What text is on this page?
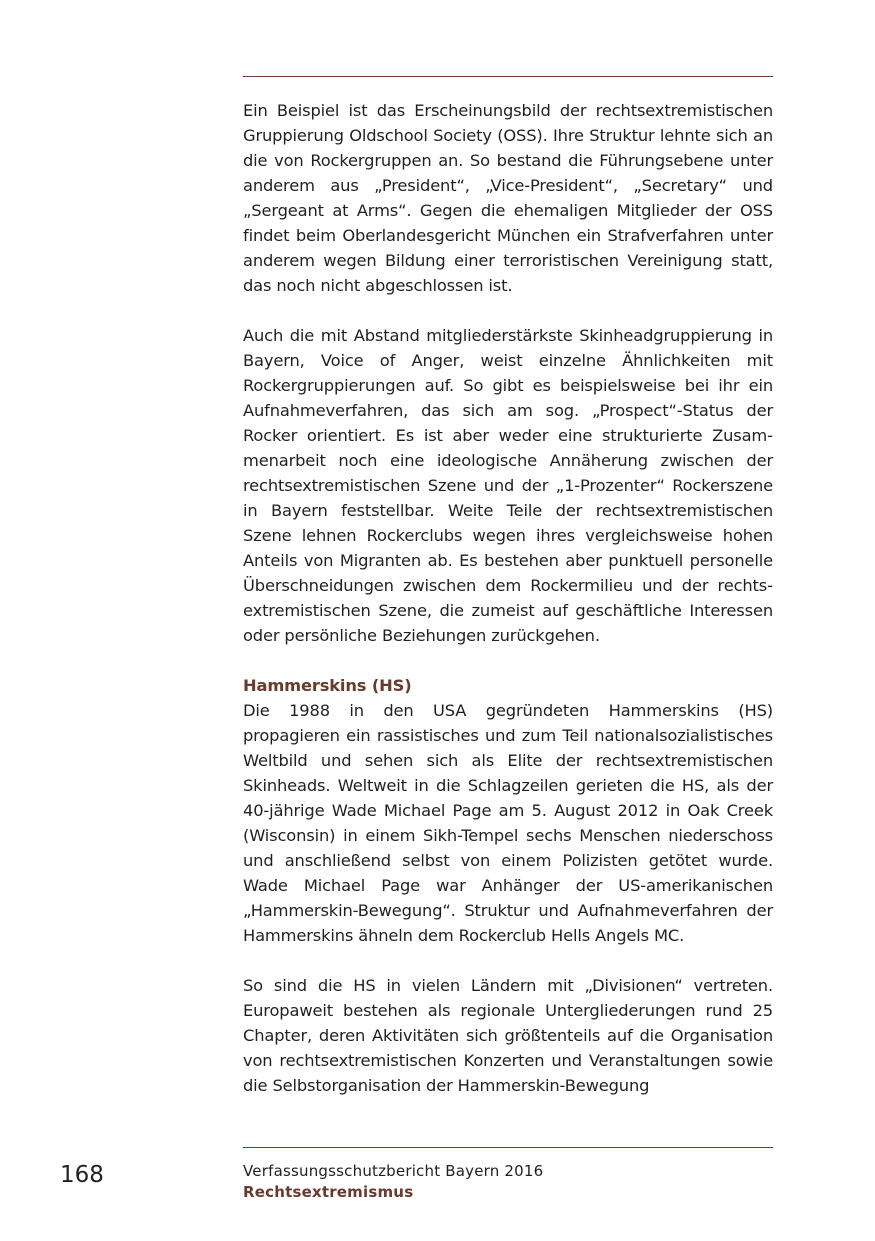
Ein Beispiel ist das Erscheinungsbild der rechtsextremistischen Gruppierung Oldschool Society (OSS). Ihre Struktur lehnte sich an die von Rockergruppen an. So bestand die Führungsebene unter anderem aus „President“, „Vice-President“, „Secretary“ und „Sergeant at Arms“. Gegen die ehemaligen Mitglieder der OSS findet beim Oberlandesgericht München ein Strafverfahren unter anderem wegen Bildung einer terroristischen Vereinigung statt, das noch nicht abgeschlossen ist.

Auch die mit Abstand mitgliederstärkste Skinheadgruppierung in Bayern, Voice of Anger, weist einzelne Ähnlichkeiten mit Rockergruppierungen auf. So gibt es beispielsweise bei ihr ein Aufnahmeverfahren, das sich am sog. „Prospect“-Status der Rocker orientiert. Es ist aber weder eine strukturierte Zusammenarbeit noch eine ideologische Annäherung zwischen der rechtsextremistischen Szene und der „1-Prozenter“ Rockerszene in Bayern feststellbar. Weite Teile der rechtsextremistischen Szene lehnen Rockerclubs wegen ihres vergleichsweise hohen Anteils von Migranten ab. Es bestehen aber punktuell personelle Überschneidungen zwischen dem Rockermilieu und der rechtsextremistischen Szene, die zumeist auf geschäftliche Interessen oder persönliche Beziehungen zurückgehen.

Hammerskins (HS)

Die 1988 in den USA gegründeten Hammerskins (HS) propagieren ein rassistisches und zum Teil nationalsozialistisches Weltbild und sehen sich als Elite der rechtsextremistischen Skinheads. Weltweit in die Schlagzeilen gerieten die HS, als der 40-jährige Wade Michael Page am 5. August 2012 in Oak Creek (Wisconsin) in einem Sikh-Tempel sechs Menschen niederschoss und anschließend selbst von einem Polizisten getötet wurde. Wade Michael Page war Anhänger der US-amerikanischen „Hammerskin-Bewegung“. Struktur und Aufnahmeverfahren der Hammerskins ähneln dem Rockerclub Hells Angels MC.

So sind die HS in vielen Ländern mit „Divisionen“ vertreten. Europaweit bestehen als regionale Untergliederungen rund 25 Chapter, deren Aktivitäten sich größtenteils auf die Organisation von rechtsextremistischen Konzerten und Veranstaltungen sowie die Selbstorganisation der Hammerskin-Bewegung

168	Verfassungsschutzbericht Bayern 2016
Rechtsextremismus
